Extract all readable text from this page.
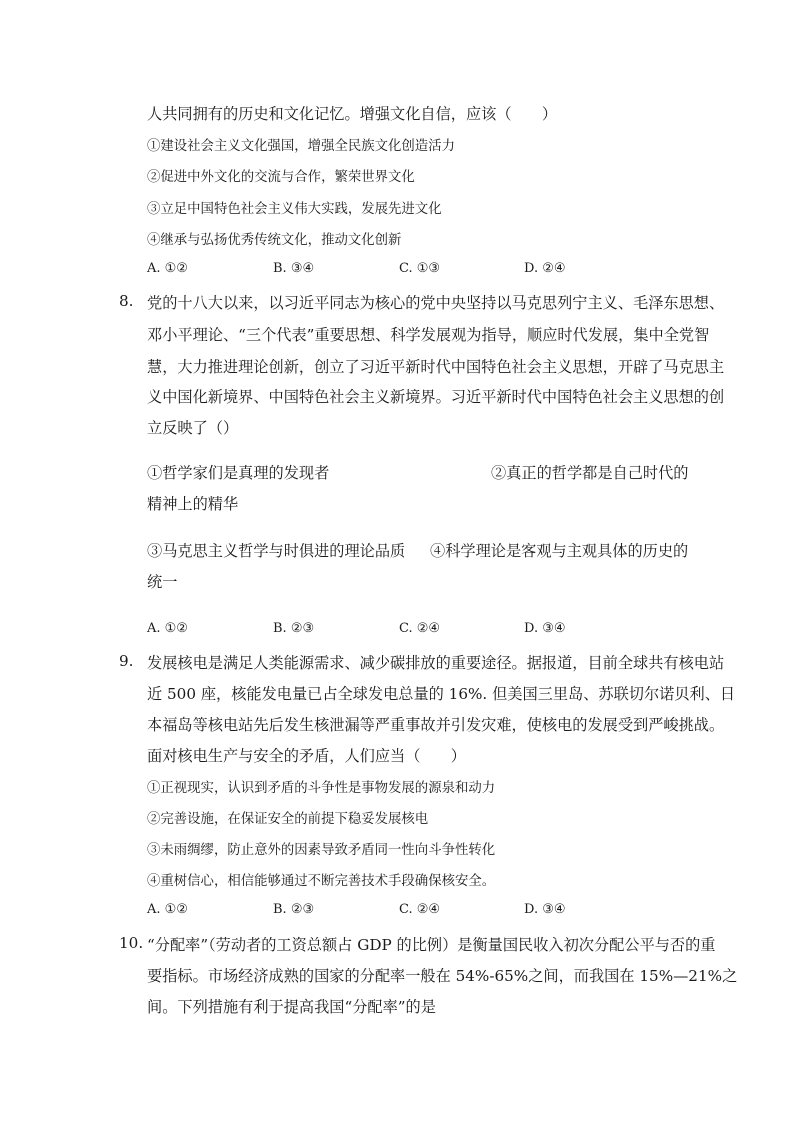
人共同拥有的历史和文化记忆。增强文化自信，应该（　　）
①建设社会主义文化强国，增强全民族文化创造活力
②促进中外文化的交流与合作，繁荣世界文化
③立足中国特色社会主义伟大实践，发展先进文化
④继承与弘扬优秀传统文化，推动文化创新
A. ①②	B. ③④	C. ①③	D. ②④
8. 党的十八大以来，以习近平同志为核心的党中央坚持以马克思列宁主义、毛泽东思想、
邓小平理论、“三个代表”重要思想、科学发展观为指导，顺应时代发展，集中全党智
慧，大力推进理论创新，创立了习近平新时代中国特色社会主义思想，开辟了马克思主
义中国化新境界、中国特色社会主义新境界。习近平新时代中国特色社会主义思想的创
立反映了（）
①哲学家们是真理的发现者	②真正的哲学都是自己时代的
精神上的精华
③马克思主义哲学与时俱进的理论品质 ④科学理论是客观与主观具体的历史的
统一
A. ①②	B. ②③	C. ②④	D. ③④
9. 发展核电是满足人类能源需求、减少碳排放的重要途径。据报道，目前全球共有核电站
近 500 座，核能发电量已占全球发电总量的 16%. 但美国三里岛、苏联切尔诺贝利、日
本福岛等核电站先后发生核泄漏等严重事故并引发灾难，使核电的发展受到严峻挑战。
面对核电生产与安全的矛盾，人们应当（　　）
①正视现实，认识到矛盾的斗争性是事物发展的源泉和动力
②完善设施，在保证安全的前提下稳妥发展核电
③未雨绸缪，防止意外的因素导致矛盾同一性向斗争性转化
④重树信心，相信能够通过不断完善技术手段确保核安全。
A. ①②	B. ②③	C. ②④	D. ③④
10. “分配率”（劳动者的工资总额占 GDP 的比例）是衡量国民收入初次分配公平与否的重
要指标。市场经济成熟的国家的分配率一般在 54%-65%之间，而我国在 15%—21%之
间。下列措施有利于提高我国“分配率”的是
